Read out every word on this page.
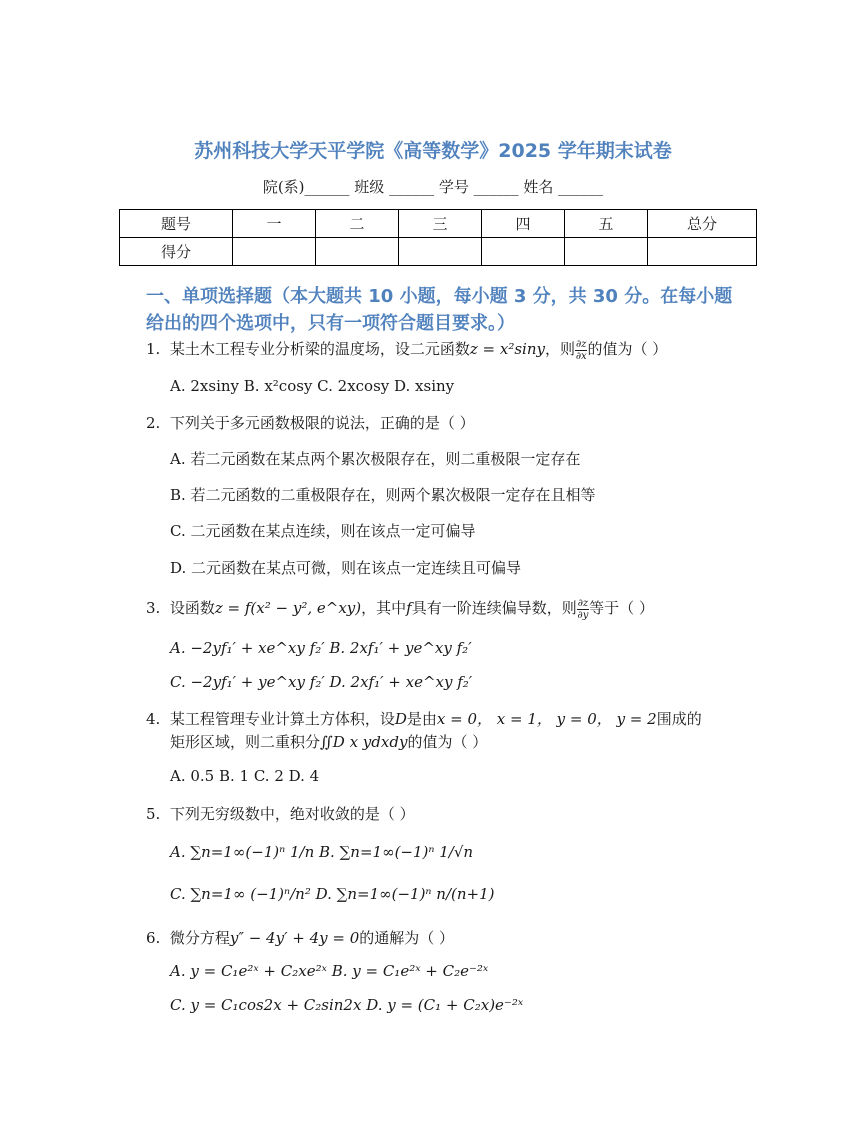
苏州科技大学天平学院《高等数学》2025 学年期末试卷
院(系)______ 班级 ______ 学号 ______ 姓名 ______
题号	一	二	三	四	五	总分
得分						
一、单项选择题（本大题共 10 小题，每小题 3 分，共 30 分。在每小题给出的四个选项中，只有一项符合题目要求。）
1. 某土木工程专业分析梁的温度场，设二元函数z = x²siny，则 $\frac{\partial z}{\partial x}$ 的值为（ ）
A. 2xsiny B. x²cosy C. 2xcosy D. xsiny
2. 下列关于多元函数极限的说法，正确的是（ ）
A. 若二元函数在某点两个累次极限存在，则二重极限一定存在
B. 若二元函数的二重极限存在，则两个累次极限一定存在且相等
C. 二元函数在某点连续，则在该点一定可偏导
D. 二元函数在某点可微，则在该点一定连续且可偏导
3. 设函数z = f(x² − y², e^xy)，其中f具有一阶连续偏导数，则 $\frac{\partial z}{\partial y}$ 等于（ ）
A. −2yf₁′ + xe^xy f₂′ B. 2xf₁′ + ye^xy f₂′
C. −2yf₁′ + ye^xy f₂′ D. 2xf₁′ + xe^xy f₂′
4. 某工程管理专业计算土方体积，设D是由x = 0， x = 1， y = 0， y = 2围成的
矩形区域，则二重积分∬D x ydxdy的值为（ ）
A. 0.5 B. 1 C. 2 D. 4
5. 下列无穷级数中，绝对收敛的是（ ）
A. ∑n=1∞(−1)ⁿ 1/n B. ∑n=1∞(−1)ⁿ 1/√n
C. ∑n=1∞ (−1)ⁿ/n² D. ∑n=1∞(−1)ⁿ n/(n+1)
6. 微分方程y″ − 4y′ + 4y = 0的通解为（ ）
A. y = C₁e²ˣ + C₂xe²ˣ B. y = C₁e²ˣ + C₂e⁻²ˣ
C. y = C₁cos2x + C₂sin2x D. y = (C₁ + C₂x)e⁻²ˣ
